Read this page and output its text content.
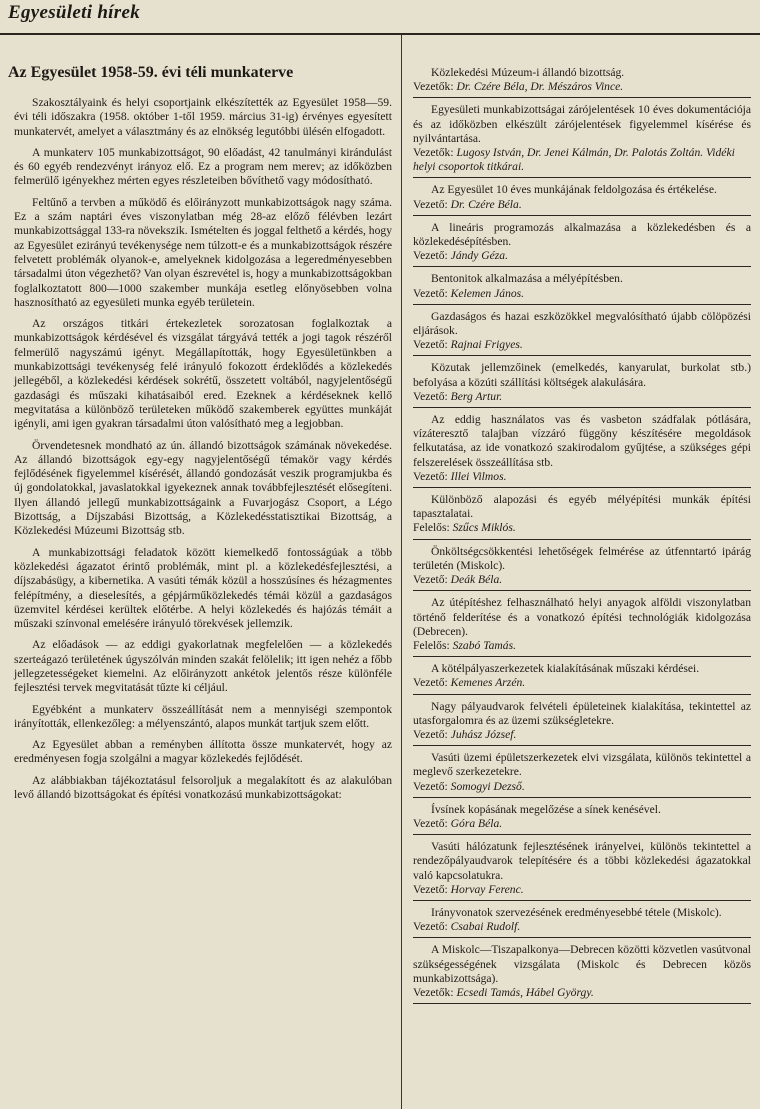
Egyesületi hírek
Az Egyesület 1958-59. évi téli munkaterve

Szakosztályaink és helyi csoportjaink elkészítették az Egyesület 1958—59. évi téli időszakra (1958. október 1-től 1959. március 31-ig) érvényes egyesített munkatervét, amelyet a választmány és az elnökség legutóbbi ülésén elfogadott.

A munkaterv 105 munkabizottságot, 90 előadást, 42 tanulmányi kirándulást és 60 egyéb rendezvényt irányoz elő. Ez a program nem merev; az időközben felmerülő igényekhez mérten egyes részleteiben bővíthető vagy módosítható.

Feltűnő a tervben a működő és előirányzott munkabizottságok nagy száma. Ez a szám naptári éves viszonylatban még 28-az előző félévben lezárt munkabizottsággal 133-ra növekszik. Ismételten és joggal felthető a kérdés, hogy az Egyesület ezirányú tevékenysége nem túlzott-e és a munkabizottságok részére felvetett problémák olyanok-e, amelyeknek kidolgozása a legeredményesebben társadalmi úton végezhető? Van olyan észrevétel is, hogy a munkabizottságokban foglalkoztatott 800—1000 szakember munkája esetleg előnyösebben volna hasznosítható az egyesületi munka egyéb területein.

Az országos titkári értekezletek sorozatosan foglalkoztak a munkabizottságok kérdésével és vizsgálat tárgyává tették a jogi tagok részéről felmerülő nagyszámú igényt. Megállapították, hogy Egyesületünkben a munkabizottsági tevékenység felé irányuló fokozott érdeklődés a közlekedés jellegéből, a közlekedési kérdések sokrétű, összetett voltából, nagyjelentőségű gazdasági és műszaki kihatásaiból ered. Ezeknek a kérdéseknek kellő megvitatása a különböző területeken működő szakemberek együttes munkáját igényli, ami igen gyakran társadalmi úton valósítható meg a legjobban.

Örvendetesnek mondható az ún. állandó bizottságok számának növekedése. Az állandó bizottságok egy-egy nagyjelentőségű témakör vagy kérdés fejlődésének figyelemmel kísérését, állandó gondozását veszik programjukba és új gondolatokkal, javaslatokkal igyekeznek annak továbbfejlesztését elősegíteni. Ilyen állandó jellegű munkabizottságaink a Fuvarjogász Csoport, a Légo Bizottság, a Díjszabási Bizottság, a Közlekedésstatisztikai Bizottság, a Közlekedési Múzeumi Bizottság stb.

A munkabizottsági feladatok között kiemelkedő fontosságúak a több közlekedési ágazatot érintő problémák, mint pl. a közlekedésfejlesztési, a díjszabásügy, a kibernetika. A vasúti témák közül a hosszúsínes és hézagmentes felépítmény, a dieselesítés, a gépjárműközlekedés témái közül a gazdaságos üzemvitel kérdései kerültek előtérbe. A helyi közlekedés és hajózás témáit a műszaki színvonal emelésére irányuló törekvések jellemzik.

Az előadások — az eddigi gyakorlatnak megfelelően — a közlekedés szerteágazó területének úgyszólván minden szakát felölelik; itt igen nehéz a főbb jellegzetességeket kiemelni. Az előirányzott ankétok jelentős része különféle fejlesztési tervek megvitatását tűzte ki céljául.

Egyébként a munkaterv összeállítását nem a mennyiségi szempontok irányították, ellenkezőleg: a mélyenszántó, alapos munkát tartjuk szem előtt.

Az Egyesület abban a reményben állította össze munkatervét, hogy az eredményesen fogja szolgálni a magyar közlekedés fejlődését.

Az alábbiakban tájékoztatásul felsoroljuk a megalakított és az alakulóban levő állandó bizottságokat és építési vonatkozású munkabizottságokat:

Közlekedési Múzeum-i állandó bizottság.

Vezetők: Dr. Czére Béla, Dr. Mészáros Vince.

Egyesületi munkabizottságai zárójelentések 10 éves dokumentációja és az időközben elkészült zárójelentések figyelemmel kísérése és nyilvántartása.

Vezetők: Lugosy István, Dr. Jenei Kálmán, Dr. Palotás Zoltán. Vidéki helyi csoportok titkárai.

Az Egyesület 10 éves munkájának feldolgozása és értékelése.

Vezető: Dr. Czére Béla.

A lineáris programozás alkalmazása a közlekedésben és a közlekedésépítésben.

Vezető: Jándy Géza.

Bentonitok alkalmazása a mélyépítésben.

Vezető: Kelemen János.

Gazdaságos és hazai eszközökkel megvalósítható újabb cölöpözési eljárások.

Vezető: Rajnai Frigyes.

Közutak jellemzőinek (emelkedés, kanyarulat, burkolat stb.) befolyása a közúti szállítási költségek alakulására.

Vezető: Berg Artur.

Az eddig használatos vas és vasbeton szádfalak pótlására, vízáteresztő talajban vízzáró függöny készítésére megoldások felkutatása, az ide vonatkozó szakirodalom gyűjtése, a szükséges gépi felszerelések összeállítása stb.

Vezető: Illei Vilmos.

Különböző alapozási és egyéb mélyépítési munkák építési tapasztalatai.

Felelős: Szűcs Miklós.

Önköltségcsökkentési lehetőségek felmérése az útfenntartó ipárág területén (Miskolc).

Vezető: Deák Béla.

Az útépítéshez felhasználható helyi anyagok alföldi viszonylatban történő felderítése és a vonatkozó építési technológiák kidolgozása (Debrecen).

Felelős: Szabó Tamás.

A kötélpályaszerkezetek kialakításának műszaki kérdései.

Vezető: Kemenes Arzén.

Nagy pályaudvarok felvételi épületeinek kialakítása, tekintettel az utasforgalomra és az üzemi szükségletekre.

Vezető: Juhász József.

Vasúti üzemi épületszerkezetek elvi vizsgálata, különös tekintettel a meglevő szerkezetekre.

Vezető: Somogyi Dezső.

Ívsínek kopásának megelőzése a sínek kenésével.

Vezető: Góra Béla.

Vasúti hálózatunk fejlesztésének irányelvei, különös tekintettel a rendezőpályaudvarok telepítésére és a többi közlekedési ágazatokkal való kapcsolatukra.

Vezető: Horvay Ferenc.

Irányvonatok szervezésének eredményesebbé tétele (Miskolc).

Vezető: Csabai Rudolf.

A Miskolc—Tiszapalkonya—Debrecen közötti közvetlen vasútvonal szükségességének vizsgálata (Miskolc és Debrecen közös munkabizottsága).

Vezetők: Ecsedi Tamás, Hábel György.
